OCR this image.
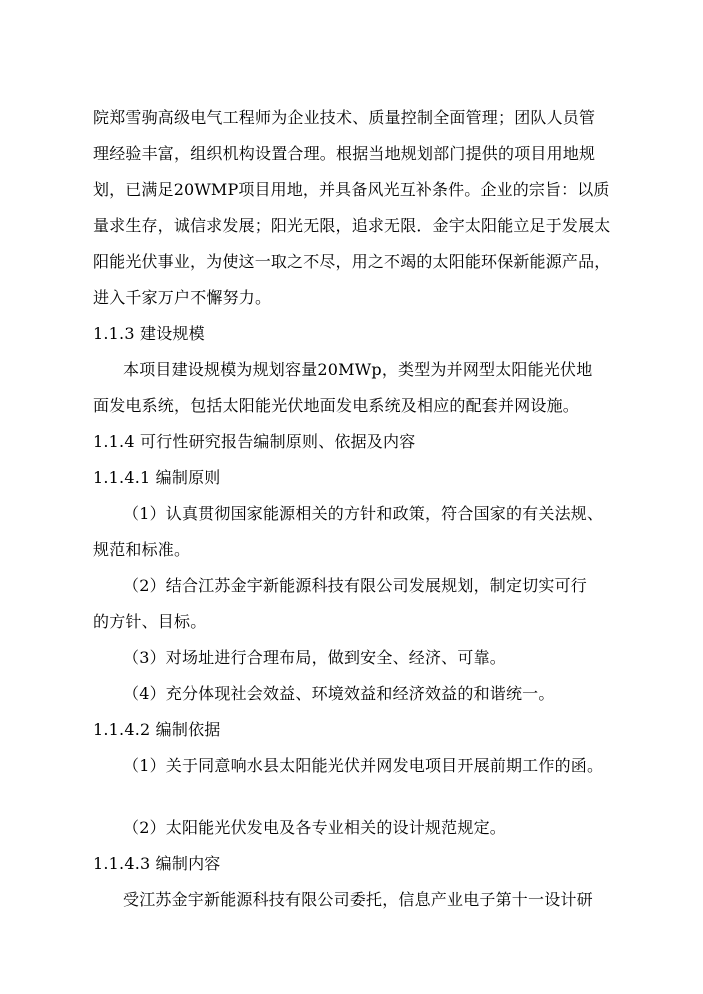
院郑雪驹高级电气工程师为企业技术、质量控制全面管理；团队人员管
理经验丰富，组织机构设置合理。根据当地规划部门提供的项目用地规
划，已满足20WMP项目用地，并具备风光互补条件。企业的宗旨：以质
量求生存，诚信求发展；阳光无限，追求无限．金宇太阳能立足于发展太
阳能光伏事业，为使这一取之不尽，用之不竭的太阳能环保新能源产品，
进入千家万户不懈努力。
1.1.3 建设规模
本项目建设规模为规划容量20MWp，类型为并网型太阳能光伏地
面发电系统，包括太阳能光伏地面发电系统及相应的配套并网设施。
1.1.4 可行性研究报告编制原则、依据及内容
1.1.4.1 编制原则
（1）认真贯彻国家能源相关的方针和政策，符合国家的有关法规、
规范和标准。
（2）结合江苏金宇新能源科技有限公司发展规划，制定切实可行
的方针、目标。
（3）对场址进行合理布局，做到安全、经济、可靠。
（4）充分体现社会效益、环境效益和经济效益的和谐统一。
1.1.4.2 编制依据
（1）关于同意响水县太阳能光伏并网发电项目开展前期工作的函。
（2）太阳能光伏发电及各专业相关的设计规范规定。
1.1.4.3 编制内容
受江苏金宇新能源科技有限公司委托，信息产业电子第十一设计研
